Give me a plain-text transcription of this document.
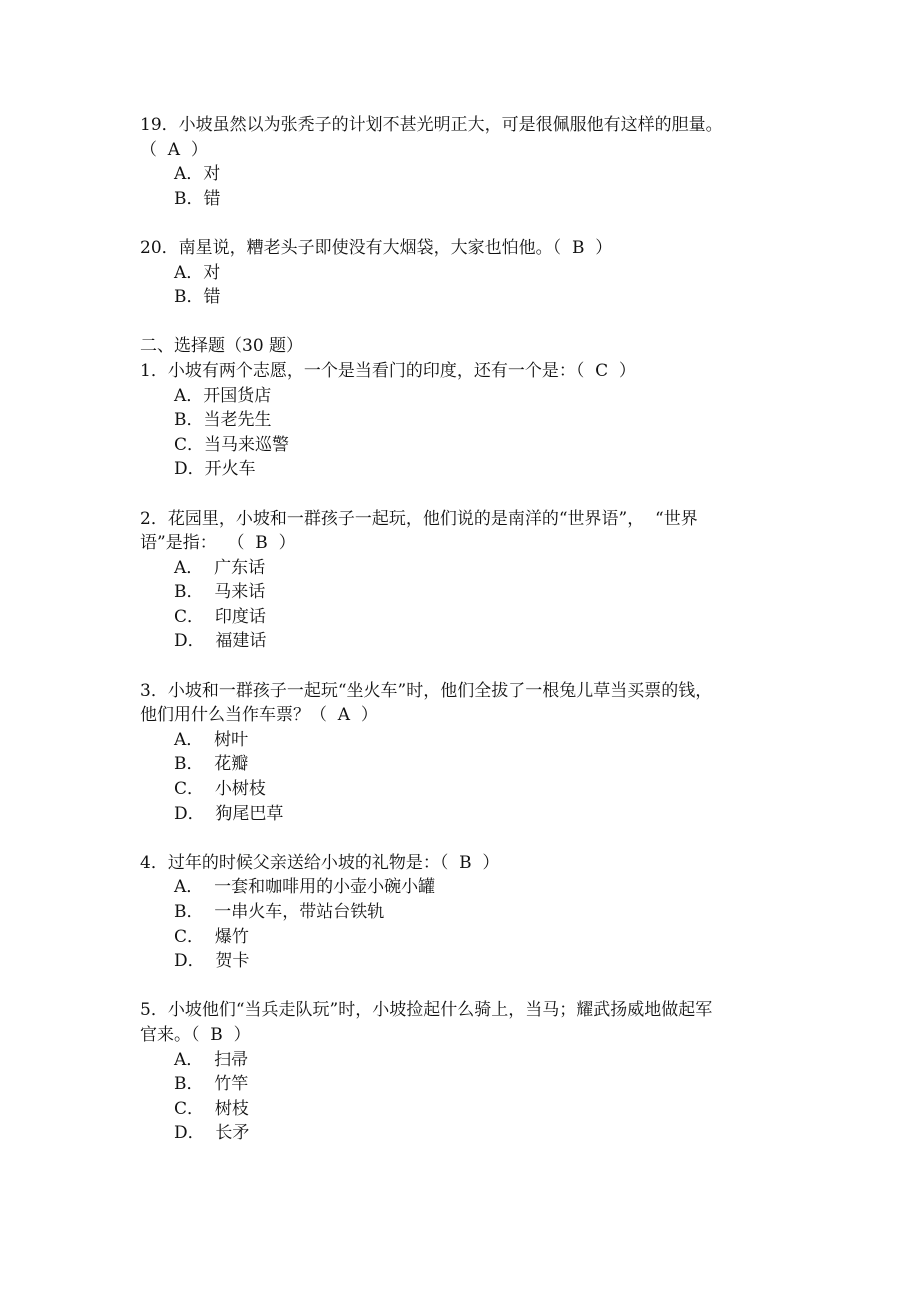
19．小坡虽然以为张秃子的计划不甚光明正大，可是很佩服他有这样的胆量。
（  A  ）
A．对
B．错
20．南星说，糟老头子即使没有大烟袋，大家也怕他。（  B  ）
A．对
B．错
二、选择题（30 题）
1．小坡有两个志愿，一个是当看门的印度，还有一个是：（  C  ）
A．开国货店
B．当老先生
C．当马来巡警
D．开火车
2．花园里，小坡和一群孩子一起玩，他们说的是南洋的“世界语”，  “世界
语”是指：  （  B  ）
A．  广东话
B．  马来话
C．  印度话
D．  福建话
3．小坡和一群孩子一起玩“坐火车”时，他们全拔了一根兔儿草当买票的钱，
他们用什么当作车票？（  A  ）
A．  树叶
B．  花瓣
C．  小树枝
D．  狗尾巴草
4．过年的时候父亲送给小坡的礼物是：（  B  ）
A．  一套和咖啡用的小壶小碗小罐
B．  一串火车，带站台铁轨
C．  爆竹
D．  贺卡
5．小坡他们“当兵走队玩”时，小坡捡起什么骑上，当马；耀武扬威地做起军
官来。（  B  ）
A．  扫帚
B．  竹竿
C．  树枝
D．  长矛
